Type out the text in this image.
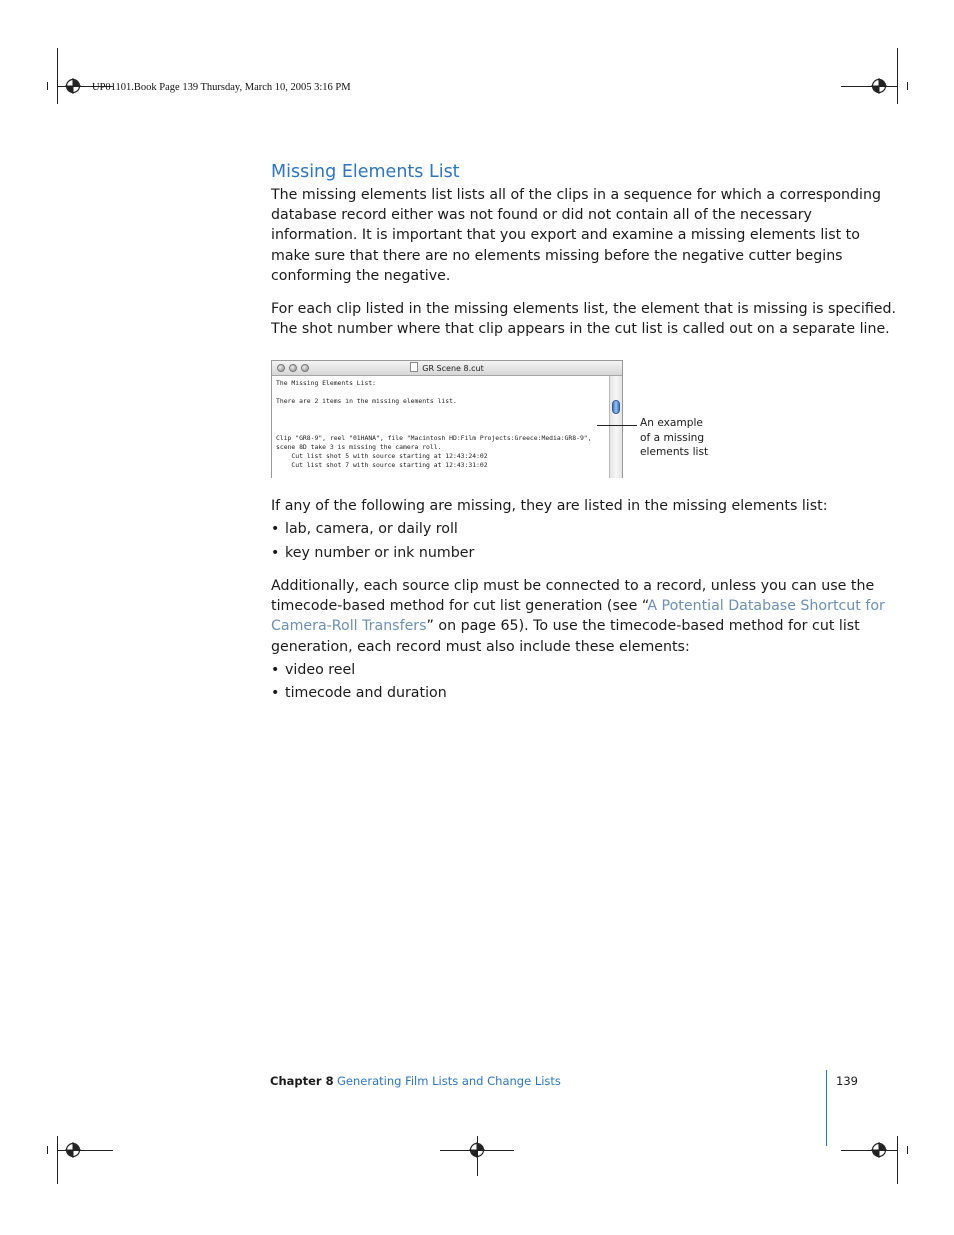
UP01101.Book Page 139 Thursday, March 10, 2005 3:16 PM
Missing Elements List
The missing elements list lists all of the clips in a sequence for which a corresponding
database record either was not found or did not contain all of the necessary
information. It is important that you export and examine a missing elements list to
make sure that there are no elements missing before the negative cutter begins
conforming the negative.
For each clip listed in the missing elements list, the element that is missing is specified.
The shot number where that clip appears in the cut list is called out on a separate line.
GR Scene 8.cut
The Missing Elements List:

There are 2 items in the missing elements list.

Clip "GR8-9", reel "01HANA", file "Macintosh HD:Film Projects:Greece:Media:GR8-9",
scene 8D take 3 is missing the camera roll.
Cut list shot 5 with source starting at 12:43:24:02
Cut list shot 7 with source starting at 12:43:31:02
An example
of a missing
elements list
If any of the following are missing, they are listed in the missing elements list:
• lab, camera, or daily roll
• key number or ink number
Additionally, each source clip must be connected to a record, unless you can use the
timecode-based method for cut list generation (see “A Potential Database Shortcut for
Camera-Roll Transfers” on page 65). To use the timecode-based method for cut list
generation, each record must also include these elements:
• video reel
• timecode and duration
Chapter 8 Generating Film Lists and Change Lists	139
